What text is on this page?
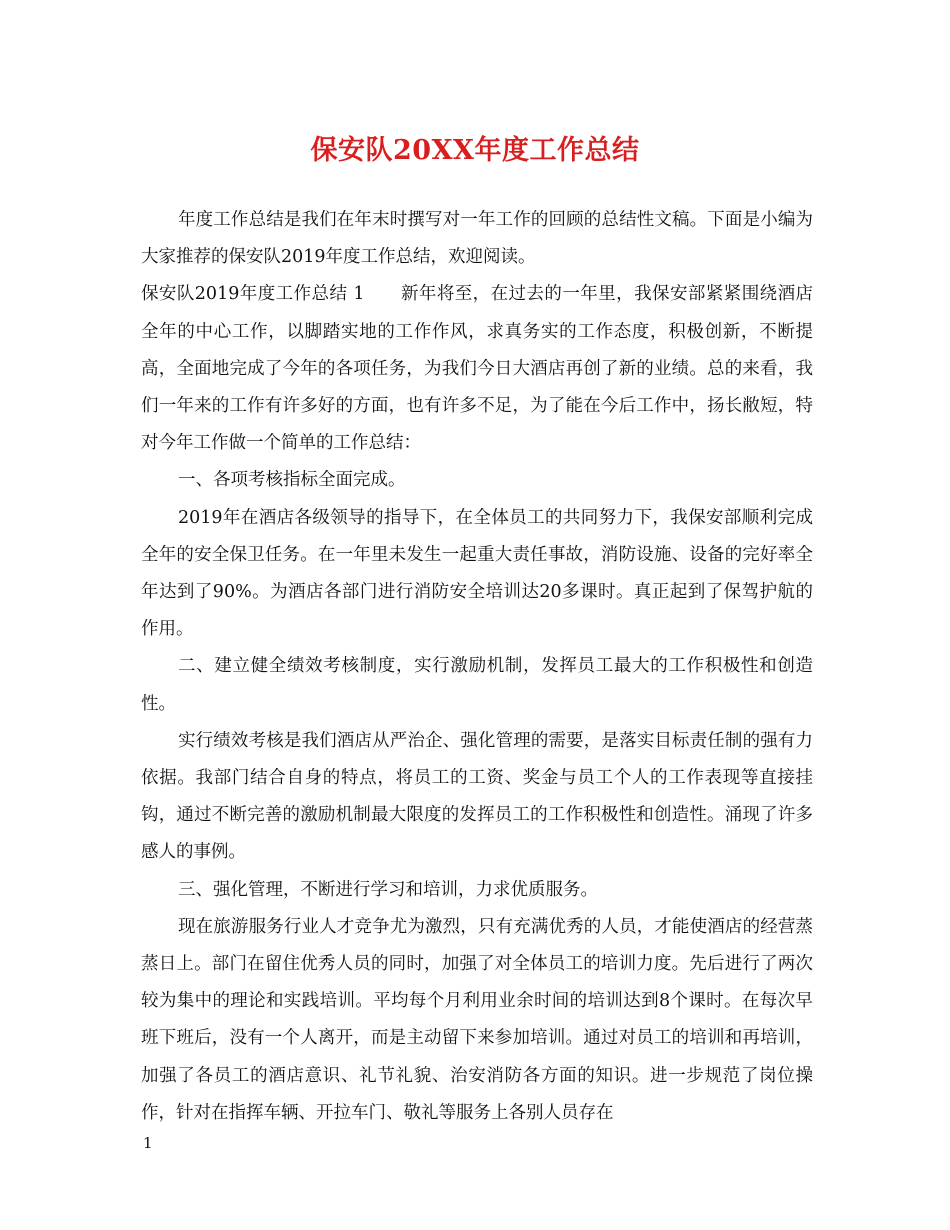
保安队20XX年度工作总结

年度工作总结是我们在年末时撰写对一年工作的回顾的总结性文稿。下面是小编为大家推荐的保安队2019年度工作总结，欢迎阅读。

保安队2019年度工作总结 1 新年将至，在过去的一年里，我保安部紧紧围绕酒店全年的中心工作，以脚踏实地的工作作风，求真务实的工作态度，积极创新，不断提高，全面地完成了今年的各项任务，为我们今日大酒店再创了新的业绩。总的来看，我们一年来的工作有许多好的方面，也有许多不足，为了能在今后工作中，扬长敝短，特对今年工作做一个简单的工作总结：

一、各项考核指标全面完成。

2019年在酒店各级领导的指导下，在全体员工的共同努力下，我保安部顺利完成全年的安全保卫任务。在一年里未发生一起重大责任事故，消防设施、设备的完好率全年达到了90%。为酒店各部门进行消防安全培训达20多课时。真正起到了保驾护航的作用。

二、建立健全绩效考核制度，实行激励机制，发挥员工最大的工作积极性和创造性。

实行绩效考核是我们酒店从严治企、强化管理的需要，是落实目标责任制的强有力依据。我部门结合自身的特点，将员工的工资、奖金与员工个人的工作表现等直接挂钩，通过不断完善的激励机制最大限度的发挥员工的工作积极性和创造性。涌现了许多感人的事例。

三、强化管理，不断进行学习和培训，力求优质服务。

现在旅游服务行业人才竞争尤为激烈，只有充满优秀的人员，才能使酒店的经营蒸蒸日上。部门在留住优秀人员的同时，加强了对全体员工的培训力度。先后进行了两次较为集中的理论和实践培训。平均每个月利用业余时间的培训达到8个课时。在每次早班下班后，没有一个人离开，而是主动留下来参加培训。通过对员工的培训和再培训，加强了各员工的酒店意识、礼节礼貌、治安消防各方面的知识。进一步规范了岗位操作，针对在指挥车辆、开拉车门、敬礼等服务上各别人员存在

1
